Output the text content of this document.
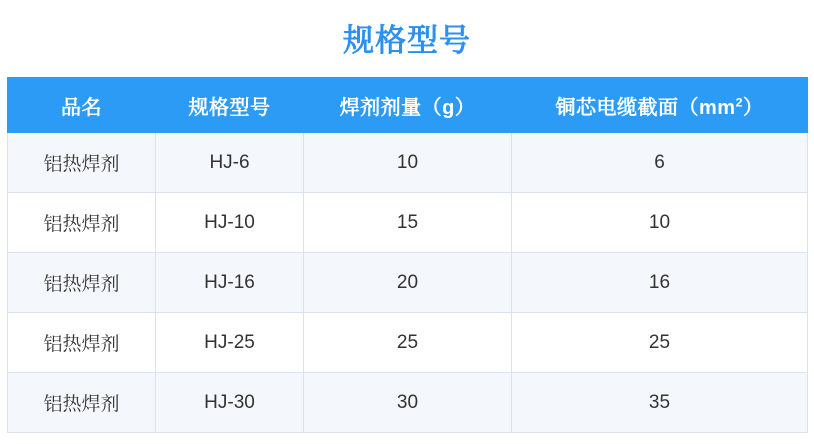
规格型号
品名	规格型号	焊剂剂量（g）	铜芯电缆截面$(mm^2)$
铝热焊剂	HJ-6	10	6
铝热焊剂	HJ-10	15	10
铝热焊剂	HJ-16	20	16
铝热焊剂	HJ-25	25	25
铝热焊剂	HJ-30	30	35
